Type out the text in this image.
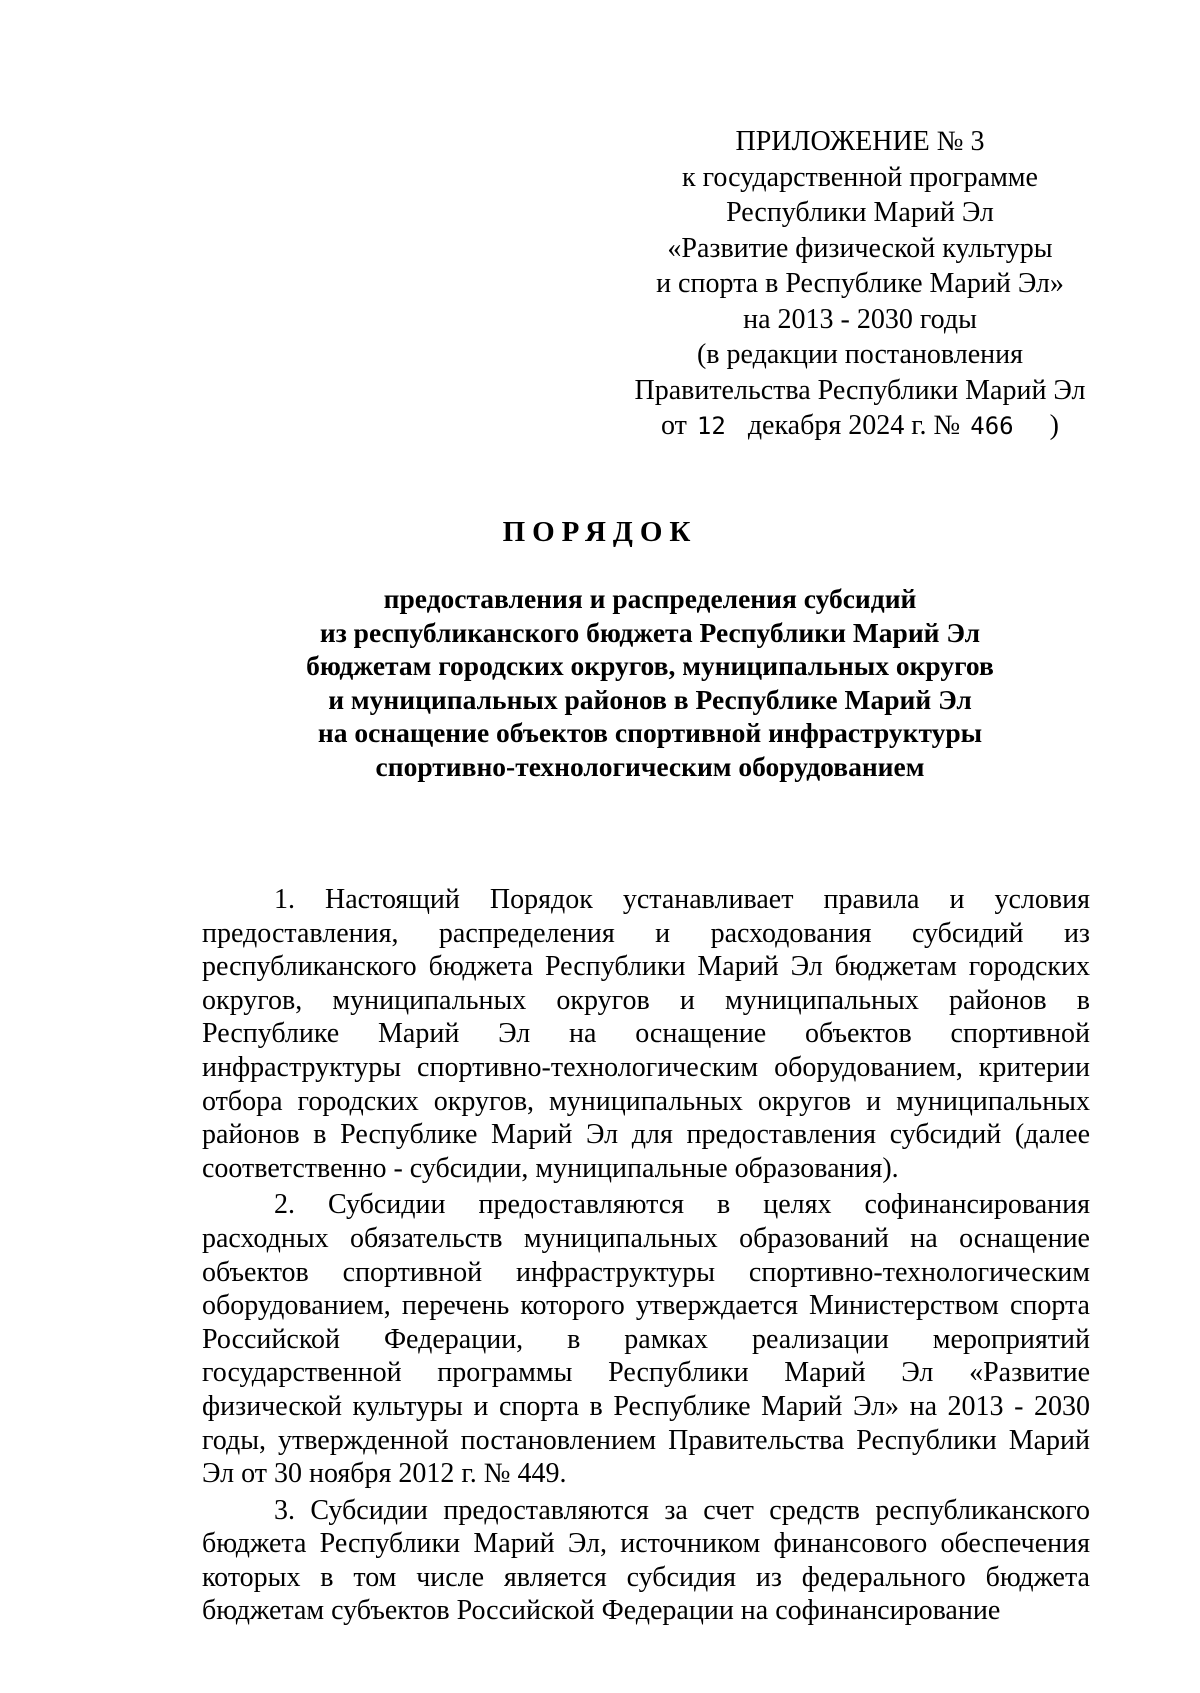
ПРИЛОЖЕНИЕ № 3
к государственной программе
Республики Марий Эл
«Развитие физической культуры
и спорта в Республике Марий Эл»
на 2013 - 2030 годы
(в редакции постановления
Правительства Республики Марий Эл
от 12 декабря 2024 г. № 466 )
ПОРЯДОК
предоставления и распределения субсидий
из республиканского бюджета Республики Марий Эл
бюджетам городских округов, муниципальных округов
и муниципальных районов в Республике Марий Эл
на оснащение объектов спортивной инфраструктуры
спортивно-технологическим оборудованием

1. Настоящий Порядок устанавливает правила и условия предоставления, распределения и расходования субсидий из республиканского бюджета Республики Марий Эл бюджетам городских округов, муниципальных округов и муниципальных районов в Республике Марий Эл на оснащение объектов спортивной инфраструктуры спортивно-технологическим оборудованием, критерии отбора городских округов, муниципальных округов и муниципальных районов в Республике Марий Эл для предоставления субсидий (далее соответственно - субсидии, муниципальные образования).

2. Субсидии предоставляются в целях софинансирования расходных обязательств муниципальных образований на оснащение объектов спортивной инфраструктуры спортивно-технологическим оборудованием, перечень которого утверждается Министерством спорта Российской Федерации, в рамках реализации мероприятий государственной программы Республики Марий Эл «Развитие физической культуры и спорта в Республике Марий Эл» на 2013 - 2030 годы, утвержденной постановлением Правительства Республики Марий Эл от 30 ноября 2012 г. № 449.

3. Субсидии предоставляются за счет средств республиканского бюджета Республики Марий Эл, источником финансового обеспечения которых в том числе является субсидия из федерального бюджета бюджетам субъектов Российской Федерации на софинансирование
